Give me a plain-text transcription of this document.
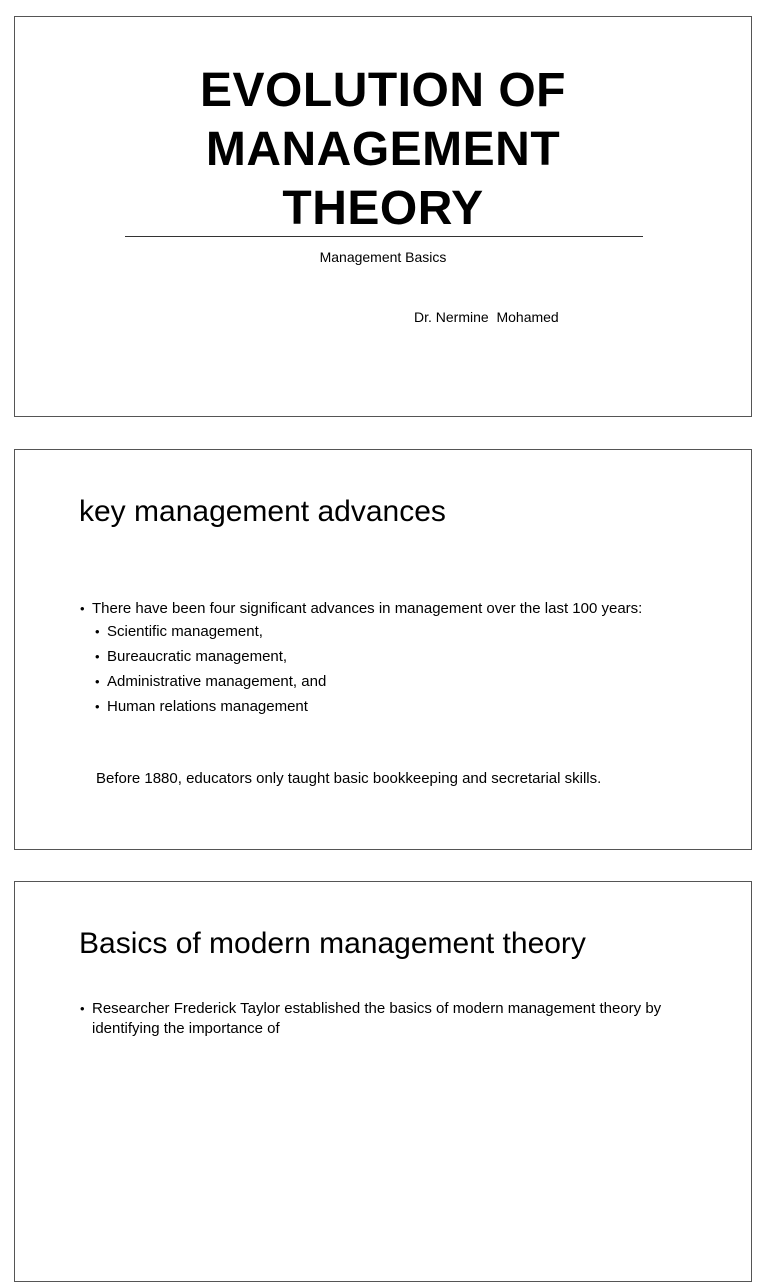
EVOLUTION OF
MANAGEMENT
THEORY
Management Basics
Dr. Nermine  Mohamed
key management advances
• There have been four significant advances in management over the last 100 years:
• Scientific management,
• Bureaucratic management,
• Administrative management, and
• Human relations management

Before 1880, educators only taught basic bookkeeping and secretarial skills.

Basics of modern management theory
• Researcher Frederick Taylor established the basics of modern management theory by identifying the importance of
